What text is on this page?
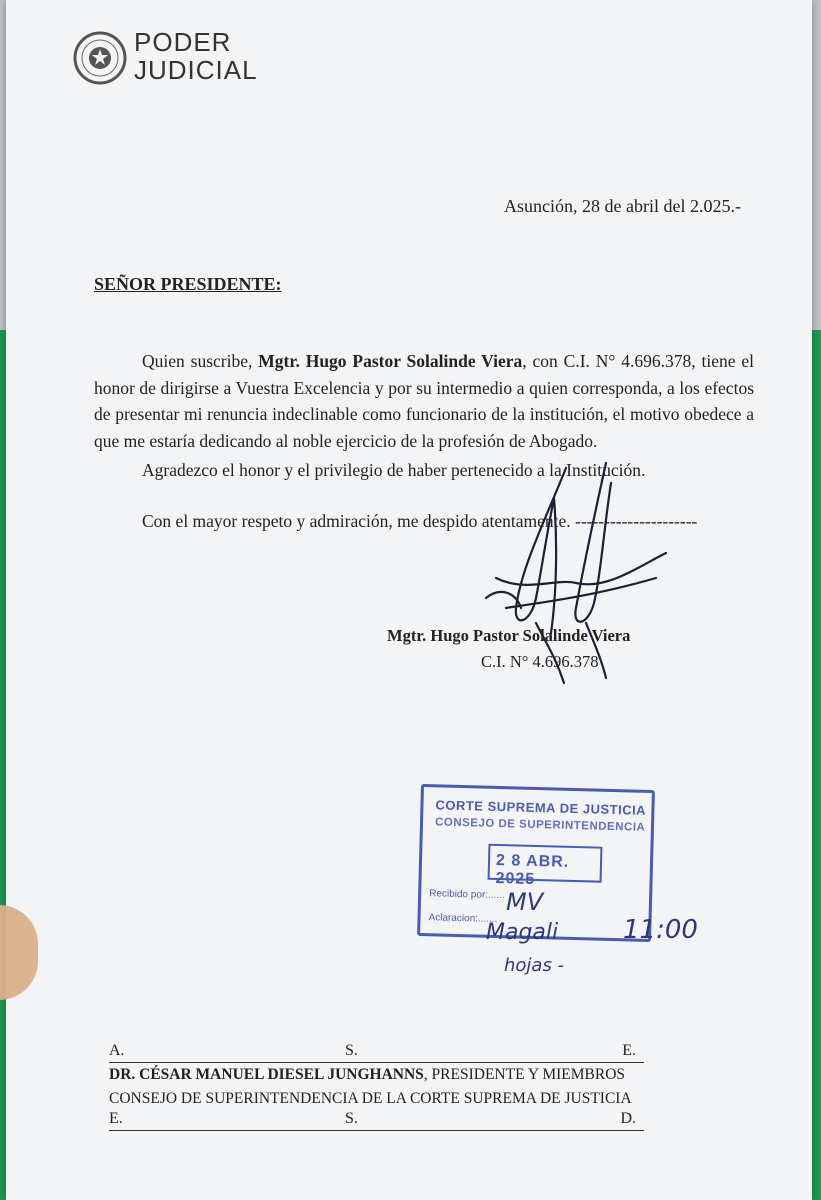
PODER
JUDICIAL
Asunción, 28 de abril del 2.025.-
SEÑOR PRESIDENTE:

Quien suscribe, Mgtr. Hugo Pastor Solalinde Viera, con C.I. N° 4.696.378, tiene el honor de dirigirse a Vuestra Excelencia y por su intermedio a quien corresponda, a los efectos de presentar mi renuncia indeclinable como funcionario de la institución, el motivo obedece a que me estaría dedicando al noble ejercicio de la profesión de Abogado.

Agradezco el honor y el privilegio de haber pertenecido a la Institución.

Con el mayor respeto y admiración, me despido atentamente. ---------------------

Mgtr. Hugo Pastor Solalinde Viera
C.I. N° 4.696.378
CORTE SUPREMA DE JUSTICIA
CONSEJO DE SUPERINTENDENCIA
2 8 ABR. 2025
Recibido por:......
Aclaracion:.......
MV
Magali 11:00
hojas -
A.	S.	E.
DR. CÉSAR MANUEL DIESEL JUNGHANNS, PRESIDENTE Y MIEMBROS
CONSEJO DE SUPERINTENDENCIA DE LA CORTE SUPREMA DE JUSTICIA
E.	S.	D.
